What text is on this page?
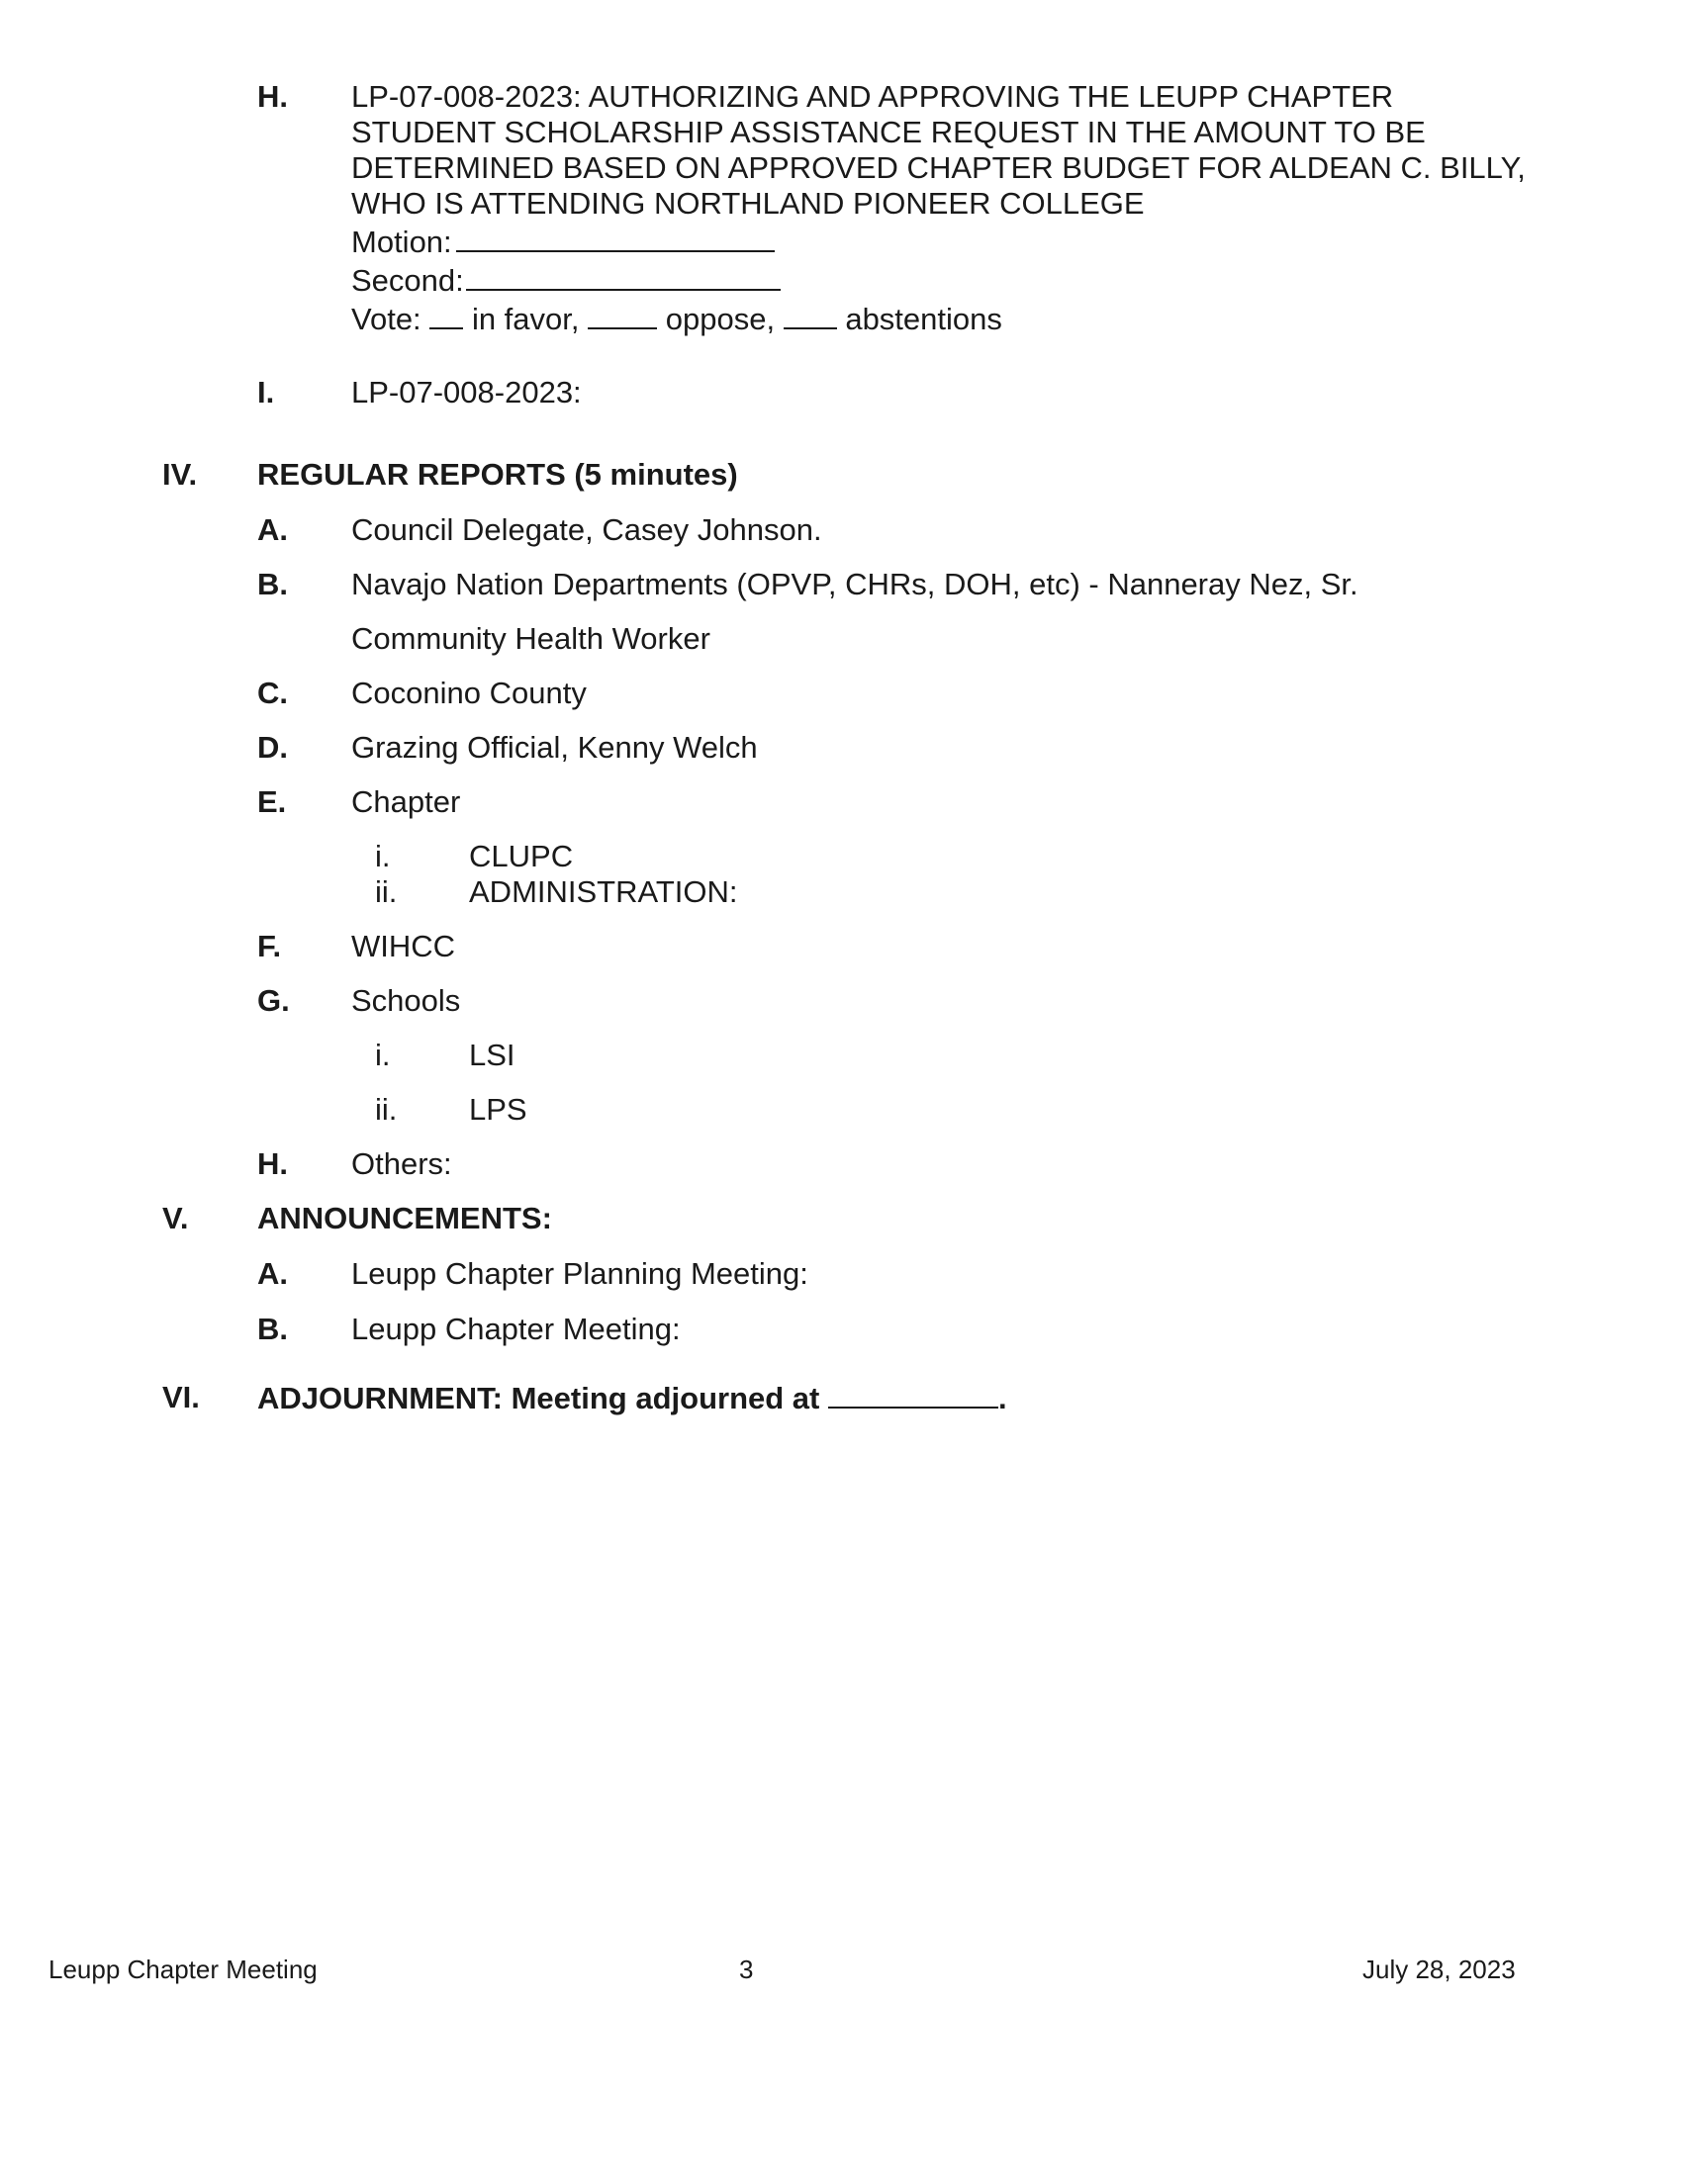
H. LP-07-008-2023: AUTHORIZING AND APPROVING THE LEUPP CHAPTER
STUDENT SCHOLARSHIP ASSISTANCE REQUEST IN THE AMOUNT TO BE
DETERMINED BASED ON APPROVED CHAPTER BUDGET FOR ALDEAN C. BILLY,
WHO IS ATTENDING NORTHLAND PIONEER COLLEGE
Motion:
Second:
Vote: in favor,	oppose, abstentions
I.	LP-07-008-2023:
IV. REGULAR REPORTS (5 minutes)
A. Council Delegate, Casey Johnson.
B. Navajo Nation Departments (OPVP, CHRs, DOH, etc) - Nanneray Nez, Sr.
Community Health Worker
C. Coconino County
D. Grazing Official, Kenny Welch
E. Chapter
i.	CLUPC
ii. ADMINISTRATION:
F. WIHCC
G. Schools
i.	LSI
ii. LPS
H. Others:
V. ANNOUNCEMENTS:
A. Leupp Chapter Planning Meeting:
B. Leupp Chapter Meeting:
VI. ADJOURNMENT: Meeting adjourned at	.
Leupp Chapter Meeting	3	July 28, 2023
